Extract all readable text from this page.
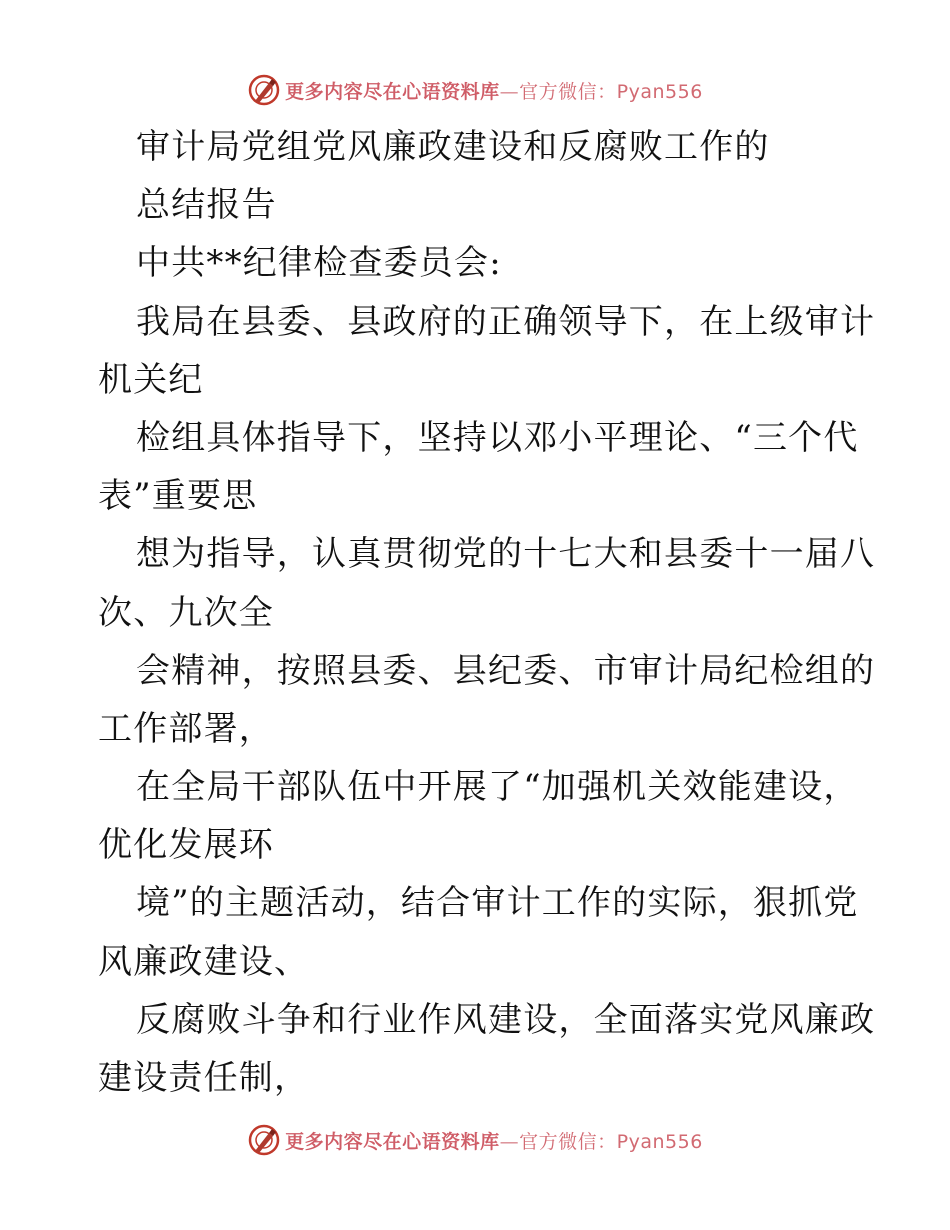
更多内容尽在心语资料库—官方微信：Pyan556
审计局党组党风廉政建设和反腐败工作的
总结报告
中共**纪律检查委员会:
我局在县委、县政府的正确领导下，在上级审计
机关纪
检组具体指导下，坚持以邓小平理论、“三个代
表”重要思
想为指导，认真贯彻党的十七大和县委十一届八
次、九次全
会精神，按照县委、县纪委、市审计局纪检组的
工作部署，
在全局干部队伍中开展了“加强机关效能建设，
优化发展环
境”的主题活动，结合审计工作的实际，狠抓党
风廉政建设、
反腐败斗争和行业作风建设，全面落实党风廉政
建设责任制，
更多内容尽在心语资料库—官方微信：Pyan556
